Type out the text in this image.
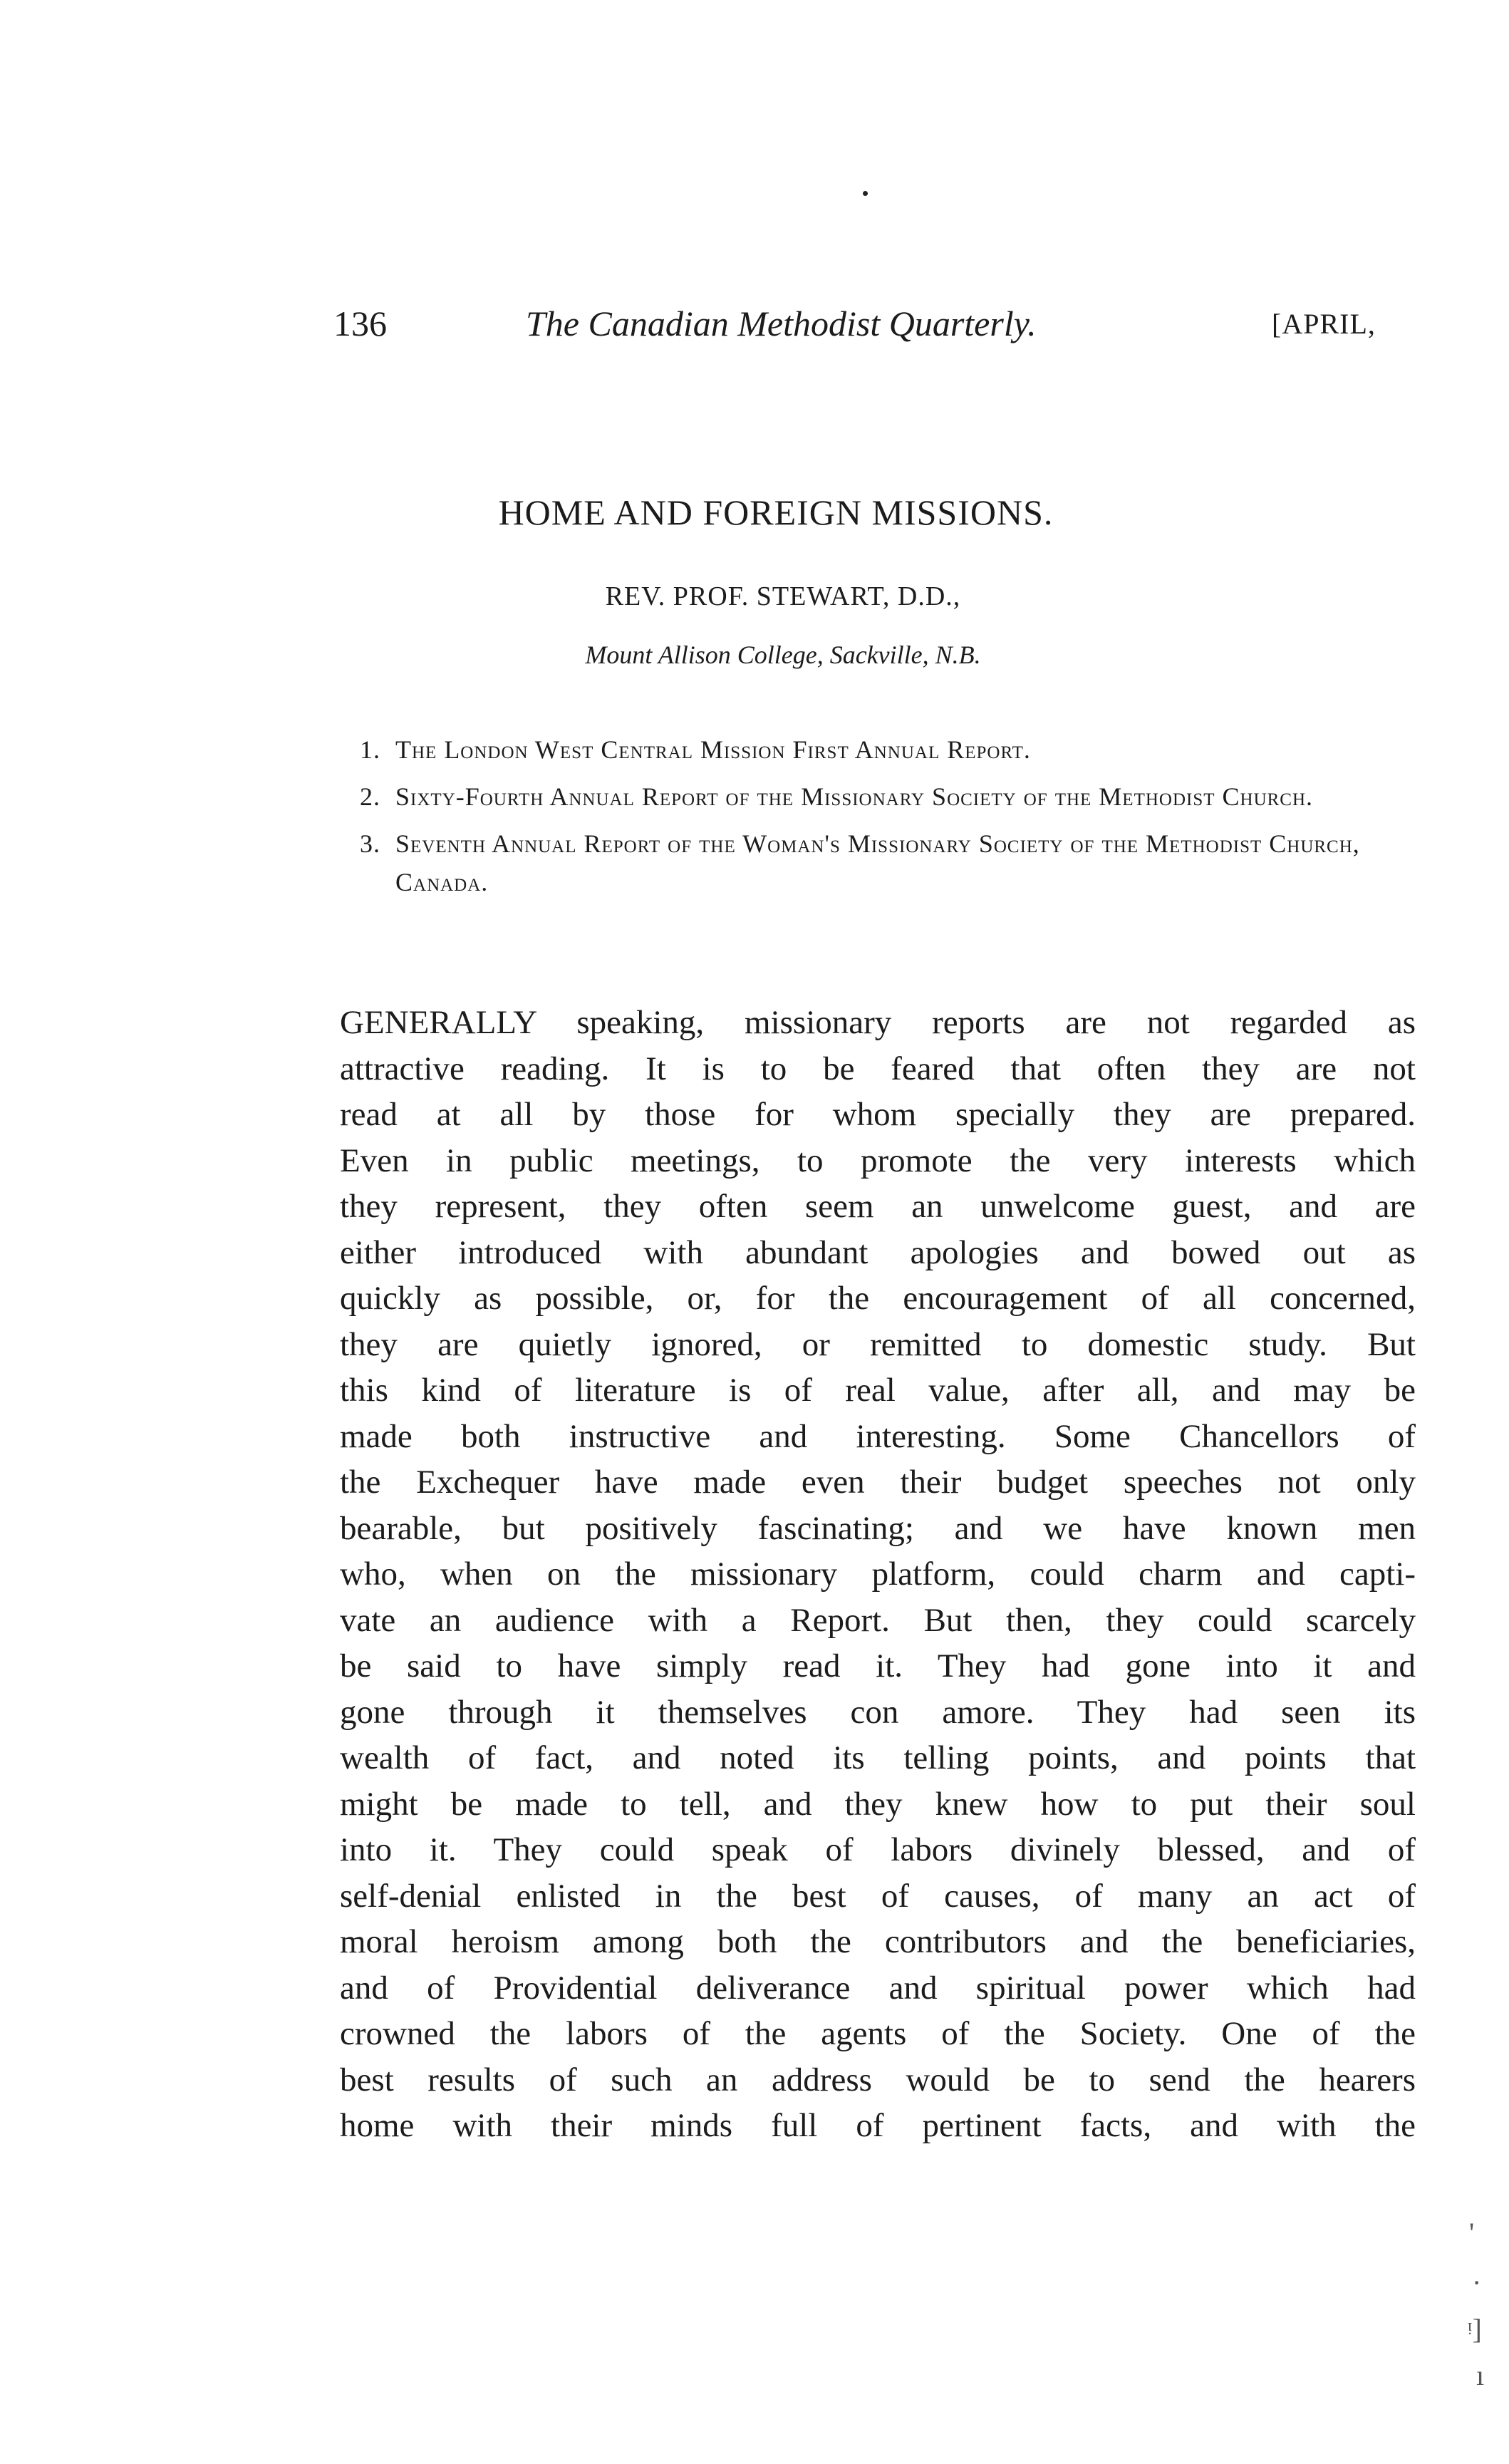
136	The Canadian Methodist Quarterly.	[APRIL,
HOME AND FOREIGN MISSIONS.
REV. PROF. STEWART, D.D.,
Mount Allison College, Sackville, N.B.
1. The London West Central Mission First Annual Report.
2. Sixty-Fourth Annual Report of the Missionary Society of the Methodist Church.
3. Seventh Annual Report of the Woman's Missionary Society of the Methodist Church, Canada.
GENERALLY speaking, missionary reports are not regarded as
attractive reading. It is to be feared that often they are not
read at all by those for whom specially they are prepared.
Even in public meetings, to promote the very interests which
they represent, they often seem an unwelcome guest, and are
either introduced with abundant apologies and bowed out as
quickly as possible, or, for the encouragement of all concerned,
they are quietly ignored, or remitted to domestic study. But
this kind of literature is of real value, after all, and may be
made both instructive and interesting. Some Chancellors of
the Exchequer have made even their budget speeches not only
bearable, but positively fascinating; and we have known men
who, when on the missionary platform, could charm and capti-
vate an audience with a Report. But then, they could scarcely
be said to have simply read it. They had gone into it and
gone through it themselves con amore. They had seen its
wealth of fact, and noted its telling points, and points that
might be made to tell, and they knew how to put their soul
into it. They could speak of labors divinely blessed, and of
self-denial enlisted in the best of causes, of many an act of
moral heroism among both the contributors and the beneficiaries,
and of Providential deliverance and spiritual power which had
crowned the labors of the agents of the Society. One of the
best results of such an address would be to send the hearers
home with their minds full of pertinent facts, and with the
'
·
ᵎ]
ı
